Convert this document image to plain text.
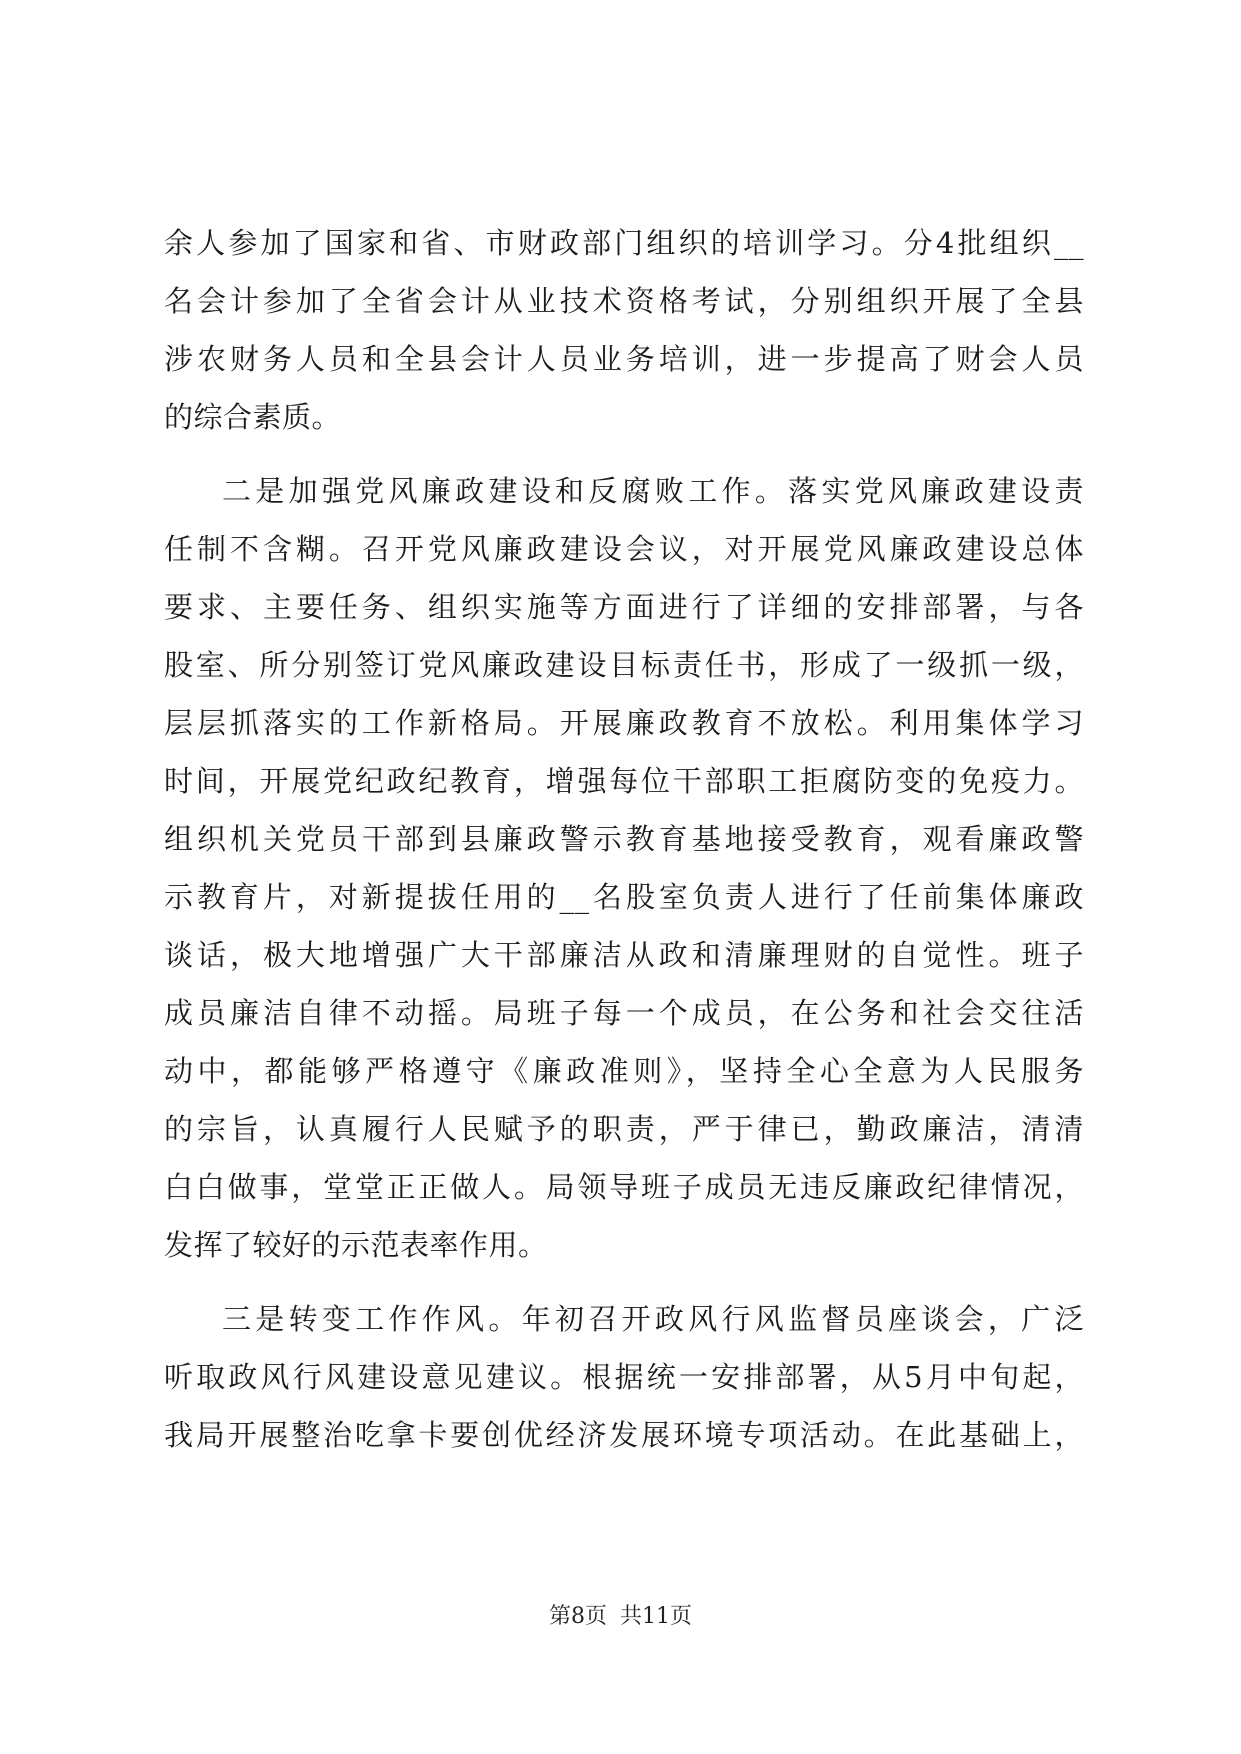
余人参加了国家和省、市财政部门组织的培训学习。分4批组织__
名会计参加了全省会计从业技术资格考试，分别组织开展了全县
涉农财务人员和全县会计人员业务培训，进一步提高了财会人员
的综合素质。
二是加强党风廉政建设和反腐败工作。落实党风廉政建设责
任制不含糊。召开党风廉政建设会议，对开展党风廉政建设总体
要求、主要任务、组织实施等方面进行了详细的安排部署，与各
股室、所分别签订党风廉政建设目标责任书，形成了一级抓一级，
层层抓落实的工作新格局。开展廉政教育不放松。利用集体学习
时间，开展党纪政纪教育，增强每位干部职工拒腐防变的免疫力。
组织机关党员干部到县廉政警示教育基地接受教育，观看廉政警
示教育片，对新提拔任用的__名股室负责人进行了任前集体廉政
谈话，极大地增强广大干部廉洁从政和清廉理财的自觉性。班子
成员廉洁自律不动摇。局班子每一个成员，在公务和社会交往活
动中，都能够严格遵守《廉政准则》，坚持全心全意为人民服务
的宗旨，认真履行人民赋予的职责，严于律已，勤政廉洁，清清
白白做事，堂堂正正做人。局领导班子成员无违反廉政纪律情况，
发挥了较好的示范表率作用。
三是转变工作作风。年初召开政风行风监督员座谈会，广泛
听取政风行风建设意见建议。根据统一安排部署，从5月中旬起，
我局开展整治吃拿卡要创优经济发展环境专项活动。在此基础上，
第8页 共11页
